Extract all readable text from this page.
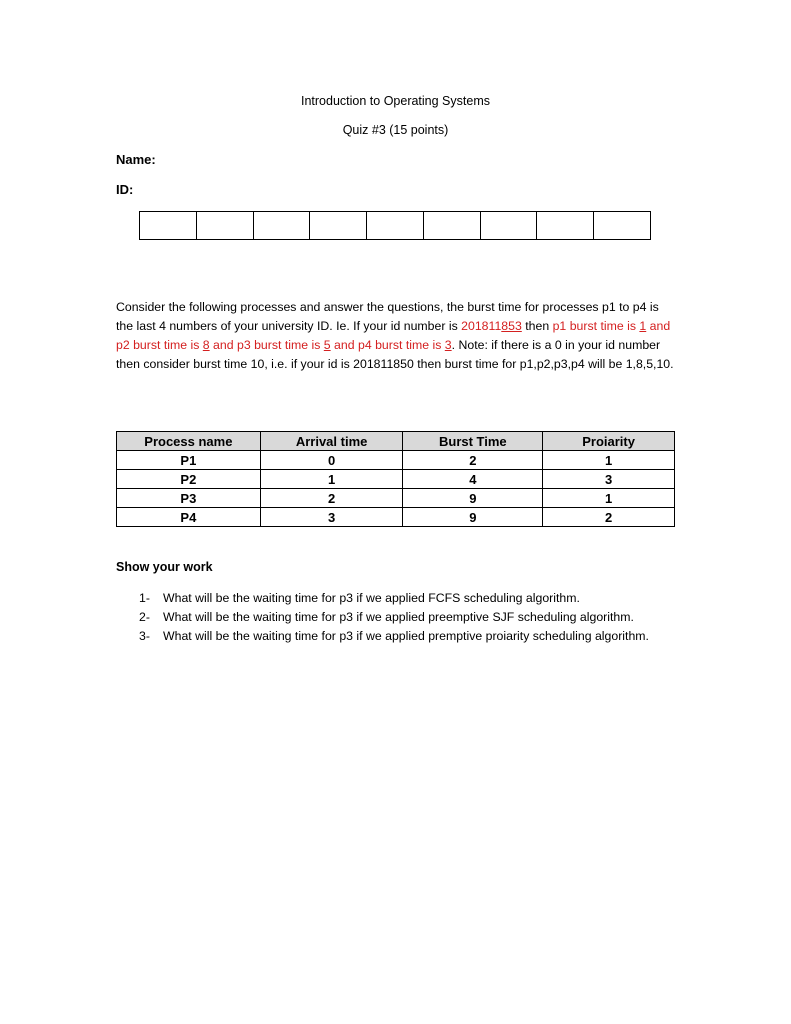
Introduction to Operating Systems
Quiz #3 (15 points)
Name:
ID:
Consider the following processes and answer the questions, the burst time for processes p1 to p4 is the last 4 numbers of your university ID. Ie. If your id number is 201811853 then p1 burst time is 1 and p2 burst time is 8 and p3 burst time is 5 and p4 burst time is 3. Note: if there is a 0 in your id number then consider burst time 10, i.e. if your id is 201811850 then burst time for p1,p2,p3,p4 will be 1,8,5,10.
Process name	Arrival time	Burst Time	Proiarity
P1	0	2	1
P2	1	4	3
P3	2	9	1
P4	3	9	2
Show your work
1-	What will be the waiting time for p3 if we applied FCFS scheduling algorithm.
2-	What will be the waiting time for p3 if we applied preemptive SJF scheduling algorithm.
3-	What will be the waiting time for p3 if we applied premptive proiarity scheduling algorithm.
